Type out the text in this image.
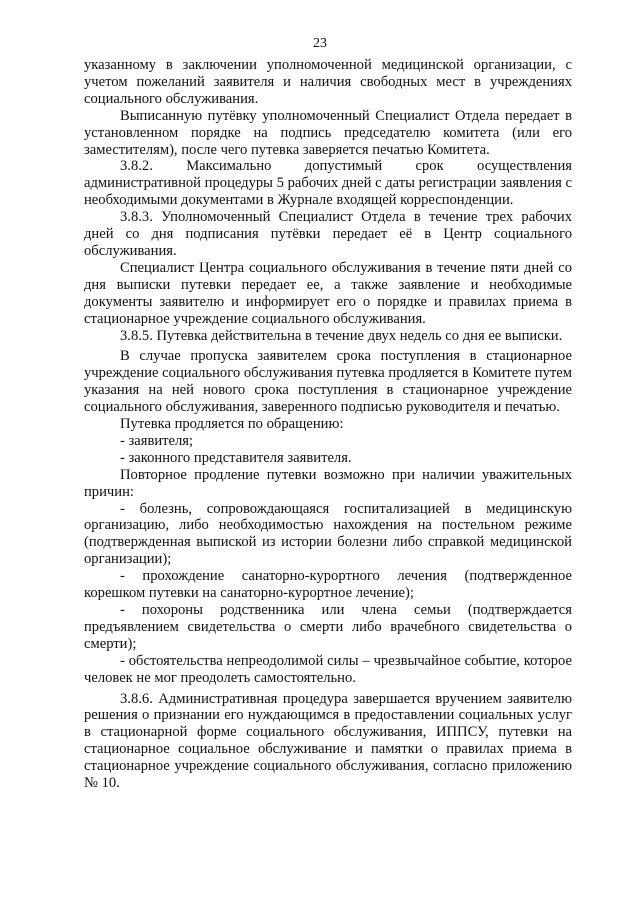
23

указанному в заключении уполномоченной медицинской организации, с учетом пожеланий заявителя и наличия свободных мест в учреждениях социального обслуживания.

Выписанную путёвку уполномоченный Специалист Отдела передает в установленном порядке на подпись председателю комитета (или его заместителям), после чего путевка заверяется печатью Комитета.

3.8.2. Максимально допустимый срок осуществления административной процедуры 5 рабочих дней с даты регистрации заявления с необходимыми документами в Журнале входящей корреспонденции.

3.8.3. Уполномоченный Специалист Отдела в течение трех рабочих дней со дня подписания путёвки передает её в Центр социального обслуживания.

Специалист Центра социального обслуживания в течение пяти дней со дня выписки путевки передает ее, а также заявление и необходимые документы заявителю и информирует его о порядке и правилах приема в стационарное учреждение социального обслуживания.

3.8.5. Путевка действительна в течение двух недель со дня ее выписки.

В случае пропуска заявителем срока поступления в стационарное учреждение социального обслуживания путевка продляется в Комитете путем указания на ней нового срока поступления в стационарное учреждение социального обслуживания, заверенного подписью руководителя и печатью.

Путевка продляется по обращению:

- заявителя;

- законного представителя заявителя.

Повторное продление путевки возможно при наличии уважительных причин:

- болезнь, сопровождающаяся госпитализацией в медицинскую организацию, либо необходимостью нахождения на постельном режиме (подтвержденная выпиской из истории болезни либо справкой медицинской организации);

- прохождение санаторно-курортного лечения (подтвержденное корешком путевки на санаторно-курортное лечение);

- похороны родственника или члена семьи (подтверждается предъявлением свидетельства о смерти либо врачебного свидетельства о смерти);

- обстоятельства непреодолимой силы – чрезвычайное событие, которое человек не мог преодолеть самостоятельно.

3.8.6. Административная процедура завершается вручением заявителю решения о признании его нуждающимся в предоставлении социальных услуг в стационарной форме социального обслуживания, ИППСУ, путевки на стационарное социальное обслуживание и памятки о правилах приема в стационарное учреждение социального обслуживания, согласно приложению № 10.
